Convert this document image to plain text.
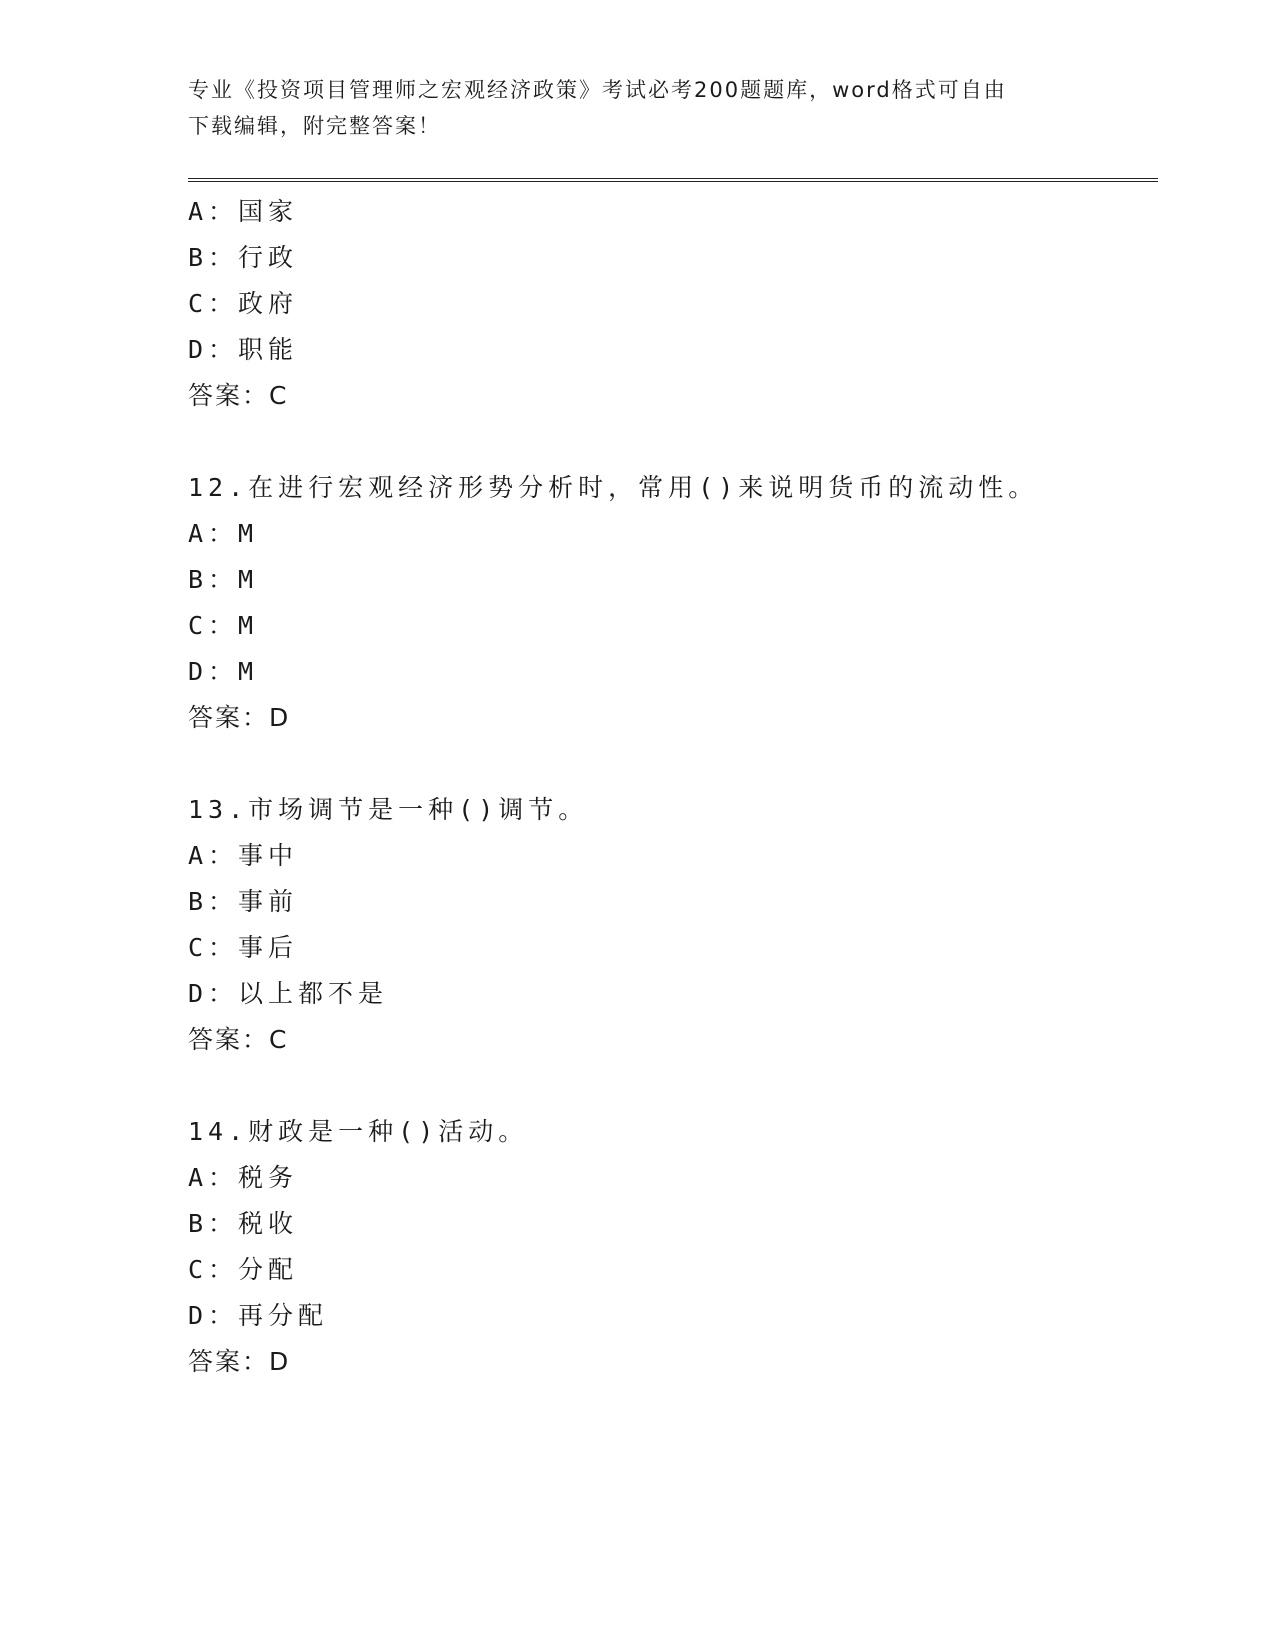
专业《投资项目管理师之宏观经济政策》考试必考200题题库，word格式可自由
下载编辑，附完整答案！
A：国家
B：行政
C：政府
D：职能
答案：C
12.在进行宏观经济形势分析时，常用()来说明货币的流动性。
A：M
B：M
C：M
D：M
答案：D
13.市场调节是一种()调节。
A：事中
B：事前
C：事后
D：以上都不是
答案：C
14.财政是一种()活动。
A：税务
B：税收
C：分配
D：再分配
答案：D
